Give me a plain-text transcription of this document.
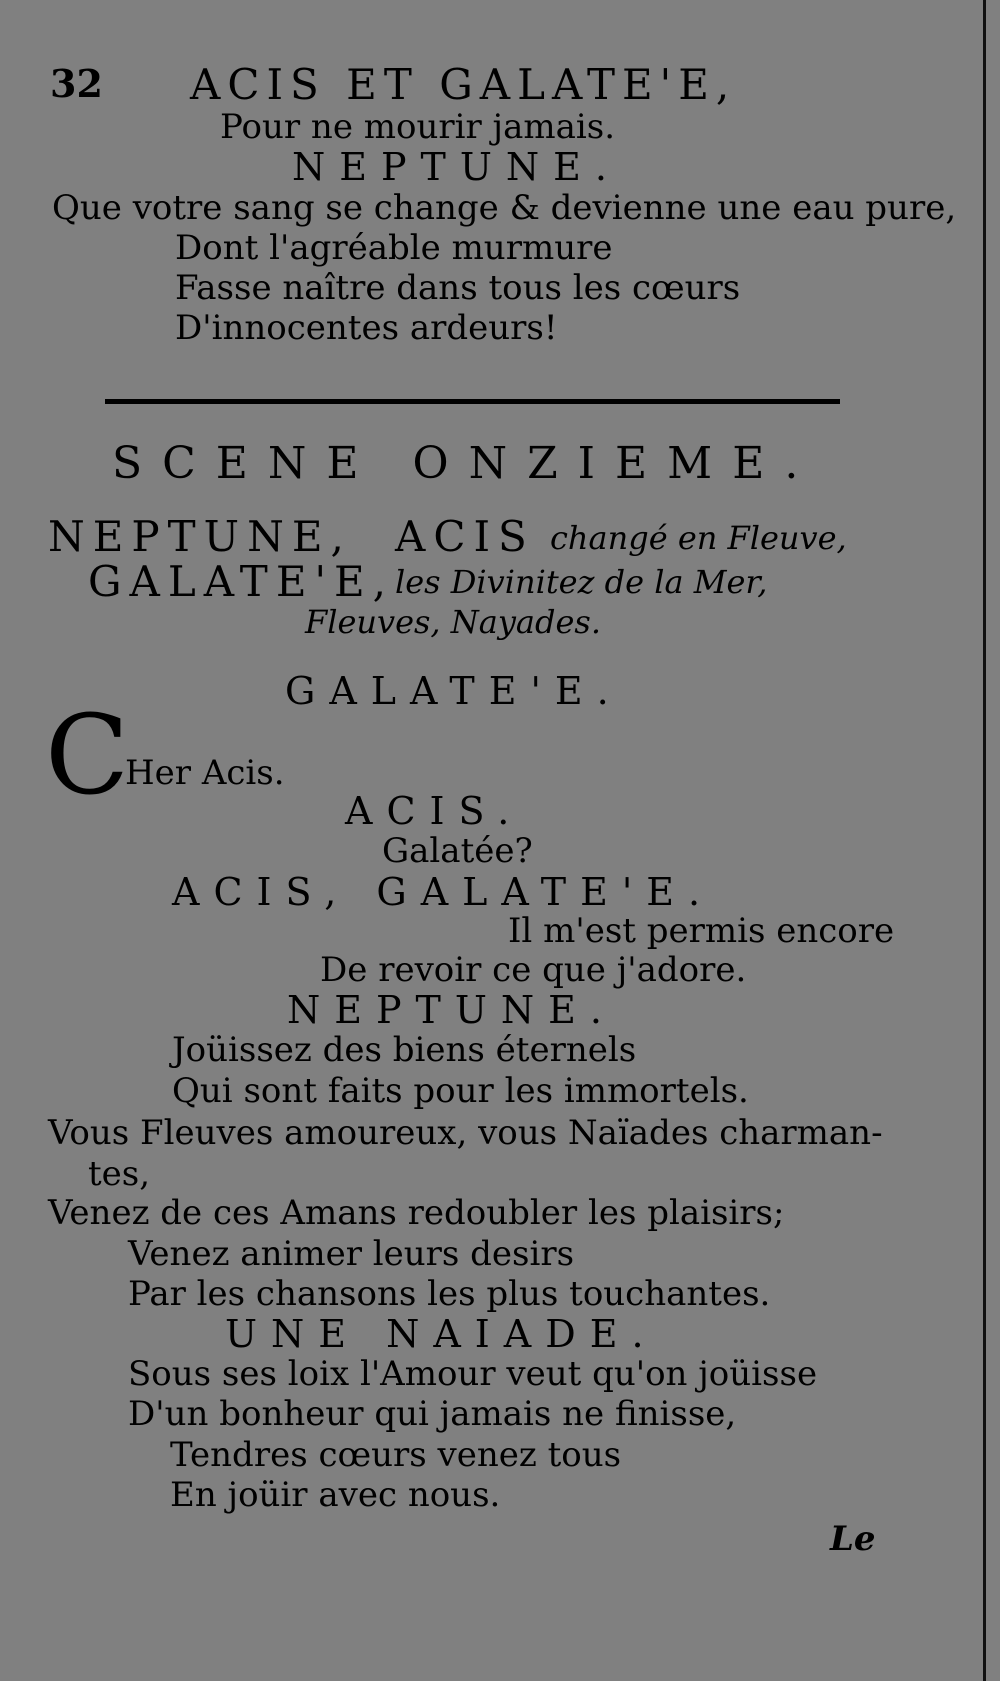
32 ACIS ET GALATE'E,
Pour ne mourir jamais.
NEPTUNE.
Que votre sang se change & devienne une eau pure,
Dont l'agréable murmure
Fasse naître dans tous les cœurs
D'innocentes ardeurs!
SCENE ONZIEME.
NEPTUNE, ACIS changé en Fleuve,
GALATE'E, les Divinitez de la Mer,
Fleuves, Nayades.
GALATE'E.
C
Her Acis.
ACIS.
Galatée?
ACIS, GALATE'E.
Il m'est permis encore
De revoir ce que j'adore.
NEPTUNE.
Joüissez des biens éternels
Qui sont faits pour les immortels.
Vous Fleuves amoureux, vous Naïades charman-
tes,
Venez de ces Amans redoubler les plaisirs;
Venez animer leurs desirs
Par les chansons les plus touchantes.
UNE NAIADE.
Sous ses loix l'Amour veut qu'on joüisse
D'un bonheur qui jamais ne finisse,
Tendres cœurs venez tous
En joüir avec nous.
Le
